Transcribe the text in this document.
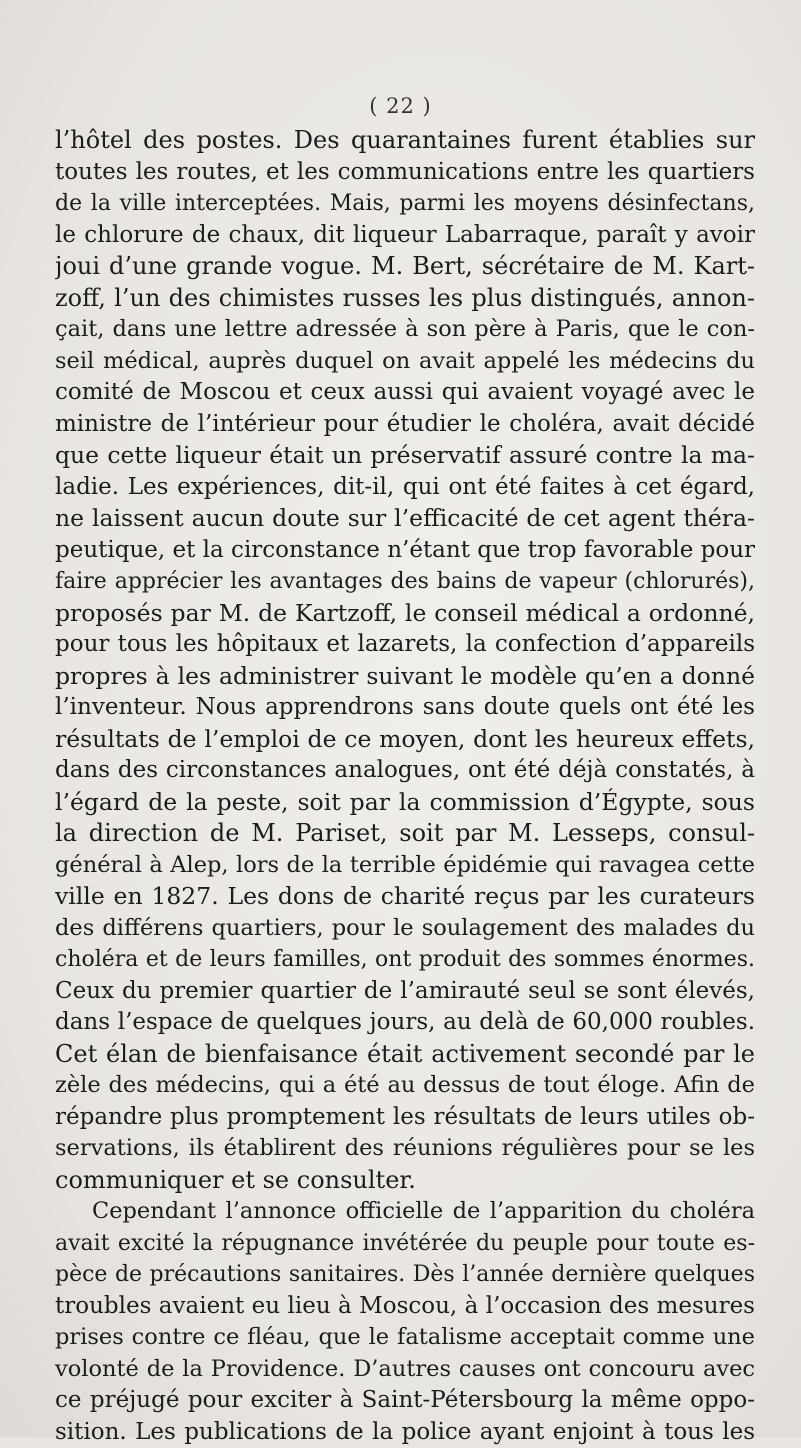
( 22 )
l’hôtel des postes. Des quarantaines furent établies sur
toutes les routes, et les communications entre les quartiers
de la ville interceptées. Mais, parmi les moyens désinfectans,
le chlorure de chaux, dit liqueur Labarraque, paraît y avoir
joui d’une grande vogue. M. Bert, sécrétaire de M. Kart-
zoff, l’un des chimistes russes les plus distingués, annon-
çait, dans une lettre adressée à son père à Paris, que le con-
seil médical, auprès duquel on avait appelé les médecins du
comité de Moscou et ceux aussi qui avaient voyagé avec le
ministre de l’intérieur pour étudier le choléra, avait décidé
que cette liqueur était un préservatif assuré contre la ma-
ladie. Les expériences, dit-il, qui ont été faites à cet égard,
ne laissent aucun doute sur l’efficacité de cet agent théra-
peutique, et la circonstance n’étant que trop favorable pour
faire apprécier les avantages des bains de vapeur (chlorurés),
proposés par M. de Kartzoff, le conseil médical a ordonné,
pour tous les hôpitaux et lazarets, la confection d’appareils
propres à les administrer suivant le modèle qu’en a donné
l’inventeur. Nous apprendrons sans doute quels ont été les
résultats de l’emploi de ce moyen, dont les heureux effets,
dans des circonstances analogues, ont été déjà constatés, à
l’égard de la peste, soit par la commission d’Égypte, sous
la direction de M. Pariset, soit par M. Lesseps, consul-
général à Alep, lors de la terrible épidémie qui ravagea cette
ville en 1827. Les dons de charité reçus par les curateurs
des différens quartiers, pour le soulagement des malades du
choléra et de leurs familles, ont produit des sommes énormes.
Ceux du premier quartier de l’amirauté seul se sont élevés,
dans l’espace de quelques jours, au delà de 60,000 roubles.
Cet élan de bienfaisance était activement secondé par le
zèle des médecins, qui a été au dessus de tout éloge. Afin de
répandre plus promptement les résultats de leurs utiles ob-
servations, ils établirent des réunions régulières pour se les
communiquer et se consulter.
Cependant l’annonce officielle de l’apparition du choléra
avait excité la répugnance invétérée du peuple pour toute es-
pèce de précautions sanitaires. Dès l’année dernière quelques
troubles avaient eu lieu à Moscou, à l’occasion des mesures
prises contre ce fléau, que le fatalisme acceptait comme une
volonté de la Providence. D’autres causes ont concouru avec
ce préjugé pour exciter à Saint-Pétersbourg la même oppo-
sition. Les publications de la police ayant enjoint à tous les
